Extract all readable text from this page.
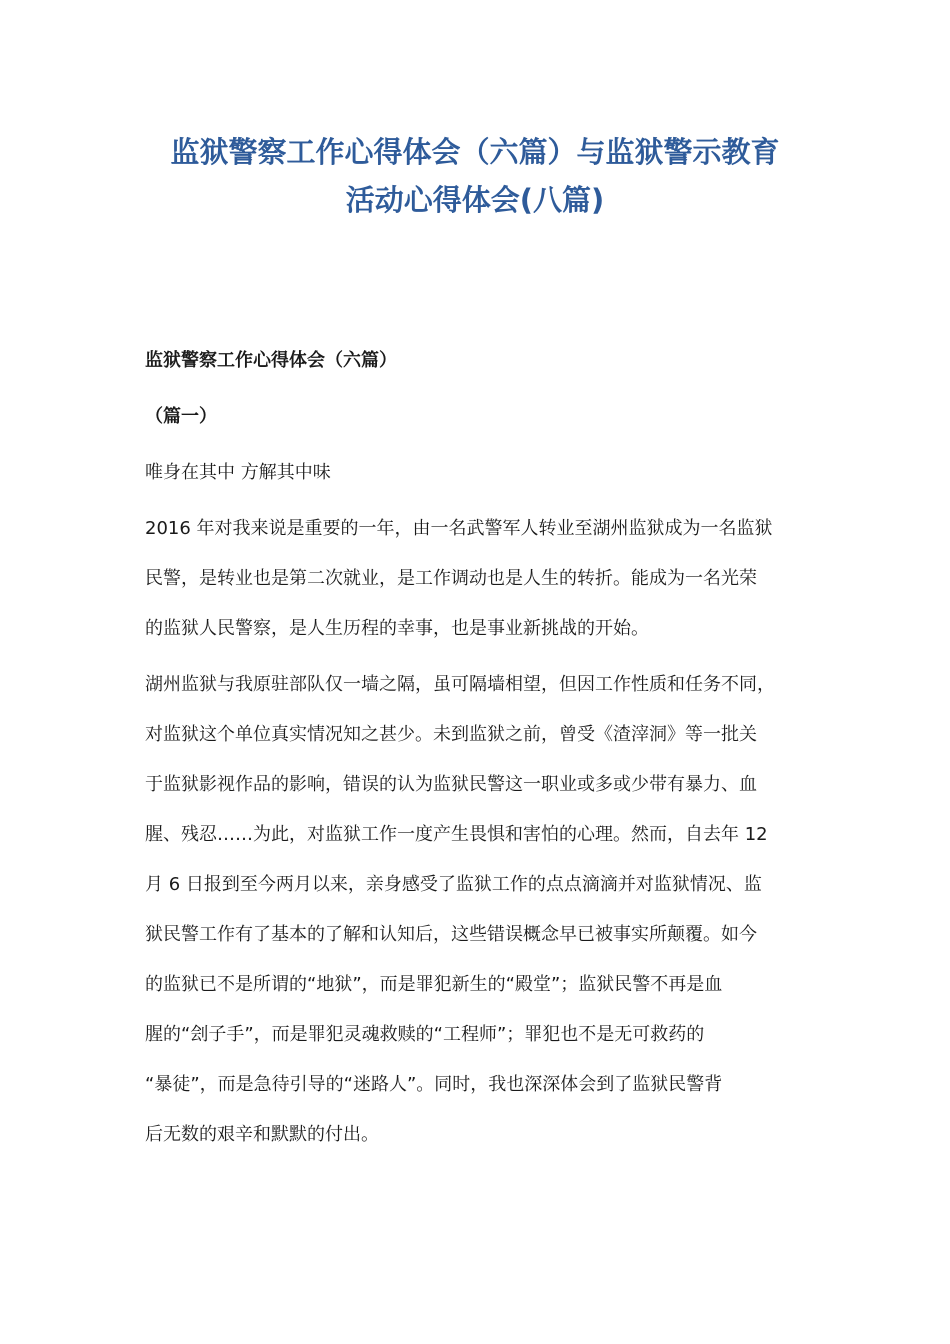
监狱警察工作心得体会（六篇）与监狱警示教育
活动心得体会(八篇)

监狱警察工作心得体会（六篇）

（篇一）

唯身在其中 方解其中味

2016 年对我来说是重要的一年，由一名武警军人转业至湖州监狱成为一名监狱
民警，是转业也是第二次就业，是工作调动也是人生的转折。能成为一名光荣
的监狱人民警察，是人生历程的幸事，也是事业新挑战的开始。
湖州监狱与我原驻部队仅一墙之隔，虽可隔墙相望，但因工作性质和任务不同，
对监狱这个单位真实情况知之甚少。未到监狱之前，曾受《渣滓洞》等一批关
于监狱影视作品的影响，错误的认为监狱民警这一职业或多或少带有暴力、血
腥、残忍……为此，对监狱工作一度产生畏惧和害怕的心理。然而，自去年 12
月 6 日报到至今两月以来，亲身感受了监狱工作的点点滴滴并对监狱情况、监
狱民警工作有了基本的了解和认知后，这些错误概念早已被事实所颠覆。如今
的监狱已不是所谓的“地狱”，而是罪犯新生的“殿堂”；监狱民警不再是血
腥的“刽子手”，而是罪犯灵魂救赎的“工程师”；罪犯也不是无可救药的
“暴徒”，而是急待引导的“迷路人”。同时，我也深深体会到了监狱民警背
后无数的艰辛和默默的付出。
